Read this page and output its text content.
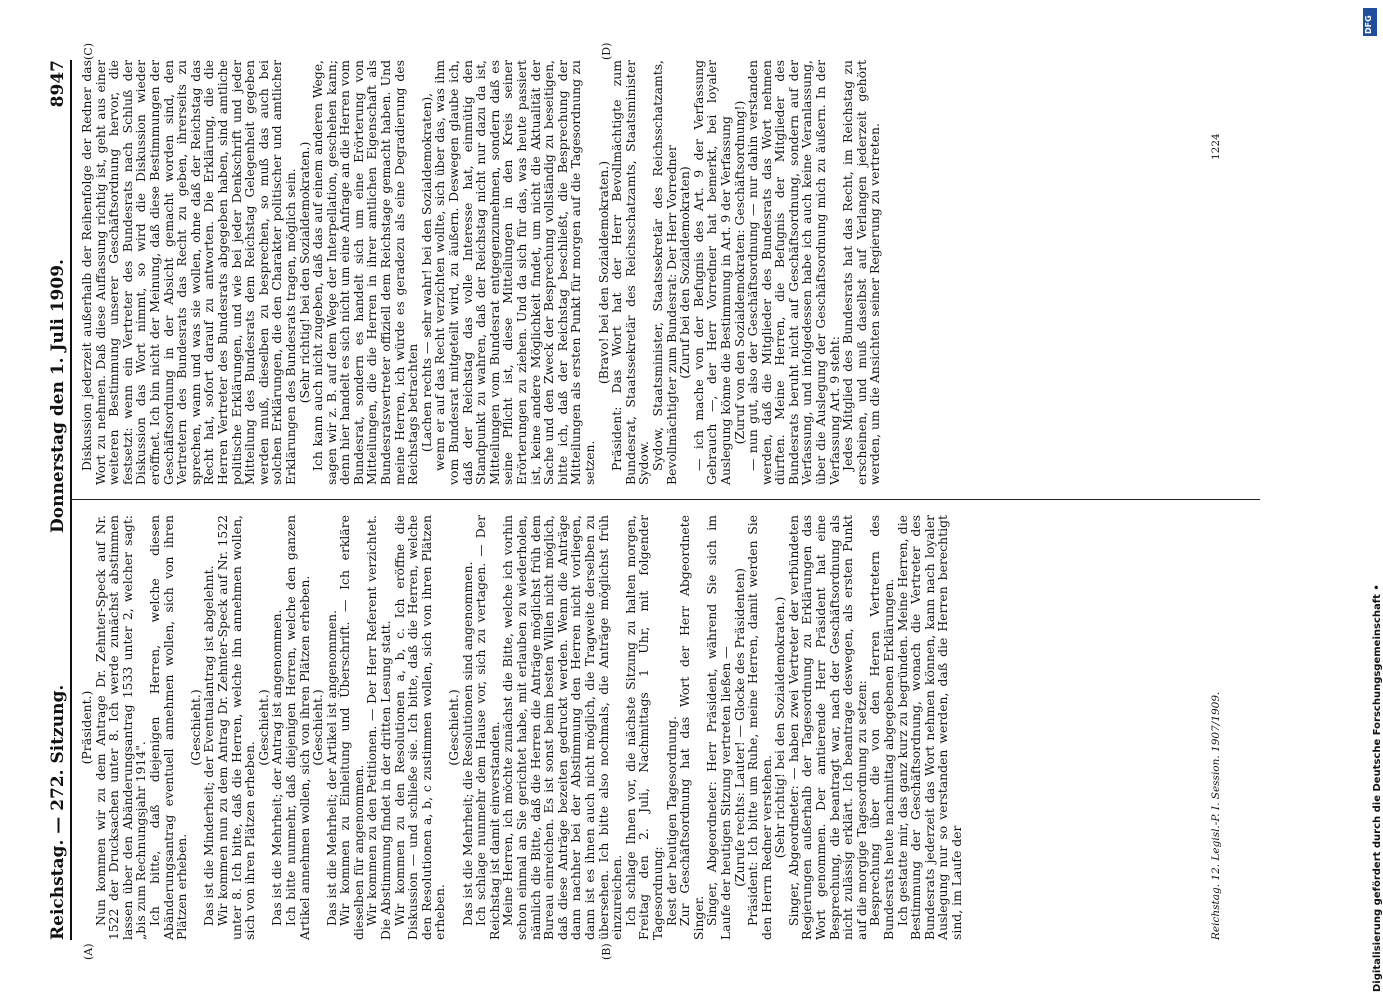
Reichstag. — 272. Sitzung.
Donnerstag den 1. Juli 1909.
8947
(A)	(B)
(C)	(D)

(Präsident.)

Nun kommen wir zu dem Antrage Dr. Zehnter-Speck auf Nr. 1522 der Drucksachen unter 8. Ich werde zunächst abstimmen lassen über den Abänderungsantrag 1533 unter 2, welcher sagt: „bis zum Rechnungsjahr 1914".

Ich bitte, daß diejenigen Herren, welche diesen Abänderungsantrag eventuell annehmen wollen, sich von ihren Plätzen erheben.

(Geschieht.)

Das ist die Minderheit; der Eventualantrag ist abgelehnt.

Wir kommen nun zu dem Antrag Dr. Zehnter-Speck auf Nr. 1522 unter 8. Ich bitte, daß die Herren, welche ihn annehmen wollen, sich von ihren Plätzen erheben.

(Geschieht.)

Das ist die Mehrheit; der Antrag ist angenommen.

Ich bitte nunmehr, daß diejenigen Herren, welche den ganzen Artikel annehmen wollen, sich von ihren Plätzen erheben.

(Geschieht.)

Das ist die Mehrheit; der Artikel ist angenommen.

Wir kommen zu Einleitung und Überschrift. — Ich erkläre dieselben für angenommen.

Wir kommen zu den Petitionen. — Der Herr Referent verzichtet. Die Abstimmung findet in der dritten Lesung statt.

Wir kommen zu den Resolutionen a, b, c. Ich eröffne die Diskussion — und schließe sie. Ich bitte, daß die Herren, welche den Resolutionen a, b, c zustimmen wollen, sich von ihren Plätzen erheben.

(Geschieht.)

Das ist die Mehrheit; die Resolutionen sind angenommen.

Ich schlage nunmehr dem Hause vor, sich zu vertagen. — Der Reichstag ist damit einverstanden.

Meine Herren, ich möchte zunächst die Bitte, welche ich vorhin schon einmal an Sie gerichtet habe, mit erlauben zu wiederholen, nämlich die Bitte, daß die Herren die Anträge möglichst früh dem Bureau einreichen. Es ist sonst beim besten Willen nicht möglich, daß diese Anträge bezeiten gedruckt werden. Wenn die Anträge dann nachher bei der Abstimmung den Herren nicht vorliegen, dann ist es ihnen auch nicht möglich, die Tragweite derselben zu übersehen. Ich bitte also nochmals, die Anträge möglichst früh einzureichen.

Ich schlage Ihnen vor, die nächste Sitzung zu halten morgen, Freitag den 2. Juli, Nachmittags 1 Uhr, mit folgender Tagesordnung:

Rest der heutigen Tagesordnung.

Zur Geschäftsordnung hat das Wort der Herr Abgeordnete Singer.

Singer, Abgeordneter: Herr Präsident, während Sie sich im Laufe der heutigen Sitzung vertreten ließen —

(Zurufe rechts: Lauter! — Glocke des Präsidenten)

Präsident: Ich bitte um Ruhe, meine Herren, damit werden Sie den Herrn Redner verstehen.

(Sehr richtig! bei den Sozialdemokraten.)

Singer, Abgeordneter: — haben zwei Vertreter der verbündeten Regierungen außerhalb der Tagesordnung zu Erklärungen das Wort genommen. Der amtierende Herr Präsident hat eine Besprechung, die beantragt war, nach der Geschäftsordnung als nicht zulässig erklärt. Ich beantrage deswegen, als ersten Punkt auf die morgige Tagesordnung zu setzen:

Besprechung über die von den Herren Vertretern des Bundesrats heute nachmittag abgegebenen Erklärungen.

Ich gestatte mir, das ganz kurz zu begründen. Meine Herren, die Bestimmung der Geschäftsordnung, wonach die Vertreter des Bundesrats jederzeit das Wort nehmen können, kann nach loyaler Auslegung nur so verstanden werden, daß die Herren berechtigt sind, im Laufe der

Diskussion jederzeit außerhalb der Reihenfolge der Redner das Wort zu nehmen. Daß diese Auffassung richtig ist, geht aus einer weiteren Bestimmung unserer Geschäftsordnung hervor, die festsetzt: wenn ein Vertreter des Bundesrats nach Schluß der Diskussion das Wort nimmt, so wird die Diskussion wieder eröffnet. Ich bin nicht der Meinung, daß diese Bestimmungen der Geschäftsordnung in der Absicht gemacht worden sind, den Vertretern des Bundesrats das Recht zu geben, ihrerseits zu sprechen, wann und was sie wollen, ohne daß der Reichstag das Recht hat, sofort darauf zu antworten. Die Erklärung, die die Herren Vertreter des Bundesrats abgegeben haben, sind amtliche politische Erklärungen, und wie bei jeder Denkschrift und jeder Mitteilung des Bundesrats dem Reichstag Gelegenheit gegeben werden muß, dieselben zu besprechen, so muß das auch bei solchen Erklärungen, die den Charakter politischer und amtlicher Erklärungen des Bundesrats tragen, möglich sein.

(Sehr richtig! bei den Sozialdemokraten.)

Ich kann auch nicht zugeben, daß das auf einem anderen Wege, sagen wir z. B. auf dem Wege der Interpellation, geschehen kann; denn hier handelt es sich nicht um eine Anfrage an die Herren vom Bundesrat, sondern es handelt sich um eine Erörterung von Mitteilungen, die die Herren in ihrer amtlichen Eigenschaft als Bundesratsvertreter offiziell dem Reichstage gemacht haben. Und meine Herren, ich würde es geradezu als eine Degradierung des Reichstags betrachten

(Lachen rechts — sehr wahr! bei den Sozialdemokraten),

wenn er auf das Recht verzichten wollte, sich über das, was ihm vom Bundesrat mitgeteilt wird, zu äußern. Deswegen glaube ich, daß der Reichstag das volle Interesse hat, einmütig den Standpunkt zu wahren, daß der Reichstag nicht nur dazu da ist, Mitteilungen vom Bundesrat entgegenzunehmen, sondern daß es seine Pflicht ist, diese Mitteilungen in den Kreis seiner Erörterungen zu ziehen. Und da sich für das, was heute passiert ist, keine andere Möglichkeit findet, um nicht die Aktualität der Sache und den Zweck der Besprechung vollständig zu beseitigen, bitte ich, daß der Reichstag beschließt, die Besprechung der Mitteilungen als ersten Punkt für morgen auf die Tagesordnung zu setzen.

(Bravo! bei den Sozialdemokraten.)

Präsident: Das Wort hat der Herr Bevollmächtigte zum Bundesrat, Staatssekretär des Reichsschatzamts, Staatsminister Sydow.

Sydow, Staatsminister, Staatssekretär des Reichsschatzamts, Bevollmächtigter zum Bundesrat: Der Herr Vorredner

(Zuruf bei den Sozialdemokraten)

— ich mache von der Befugnis des Art. 9 der Verfassung Gebrauch —, der Herr Vorredner hat bemerkt, bei loyaler Auslegung könne die Bestimmung in Art. 9 der Verfassung

(Zuruf von den Sozialdemokraten: Geschäftsordnung!)

— nun gut, also der Geschäftsordnung — nur dahin verstanden werden, daß die Mitglieder des Bundesrats das Wort nehmen dürften. Meine Herren, die Befugnis der Mitglieder des Bundesrats beruht nicht auf Geschäftsordnung, sondern auf der Verfassung, und infolgedessen habe ich auch keine Veranlassung, über die Auslegung der Geschäftsordnung mich zu äußern. In der Verfassung Art. 9 steht:

Jedes Mitglied des Bundesrats hat das Recht, im Reichstag zu erscheinen, und muß daselbst auf Verlangen jederzeit gehört werden, um die Ansichten seiner Regierung zu vertreten.

Reichstag. 12. Legisl.-P. I. Session. 1907/1909.
1224
DFG
Digitalisierung gefördert durch die Deutsche Forschungsgemeinschaft •
